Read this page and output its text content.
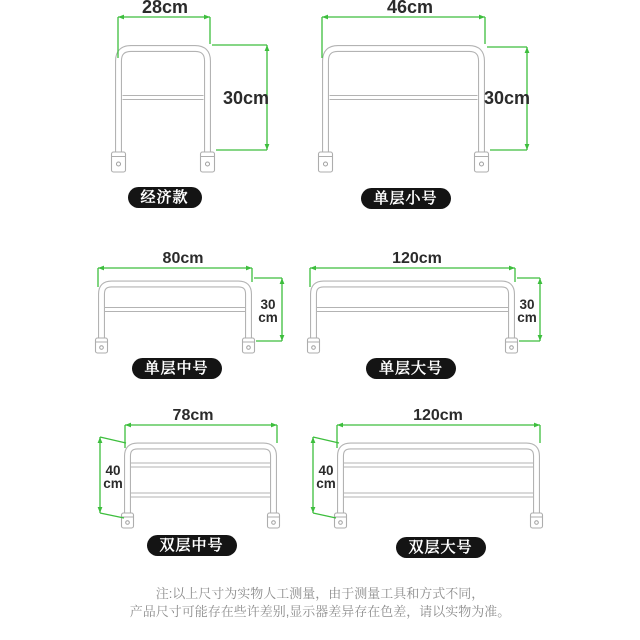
28cm
30cm
经济款
46cm
30cm
单层小号
80cm
30
cm
单层中号
120cm
30
cm
单层大号
78cm
40
cm
双层中号
120cm
40
cm
双层大号
注:以上尺寸为实物人工测量，由于测量工具和方式不同，
产品尺寸可能存在些许差别,显示器差异存在色差，请以实物为准。
